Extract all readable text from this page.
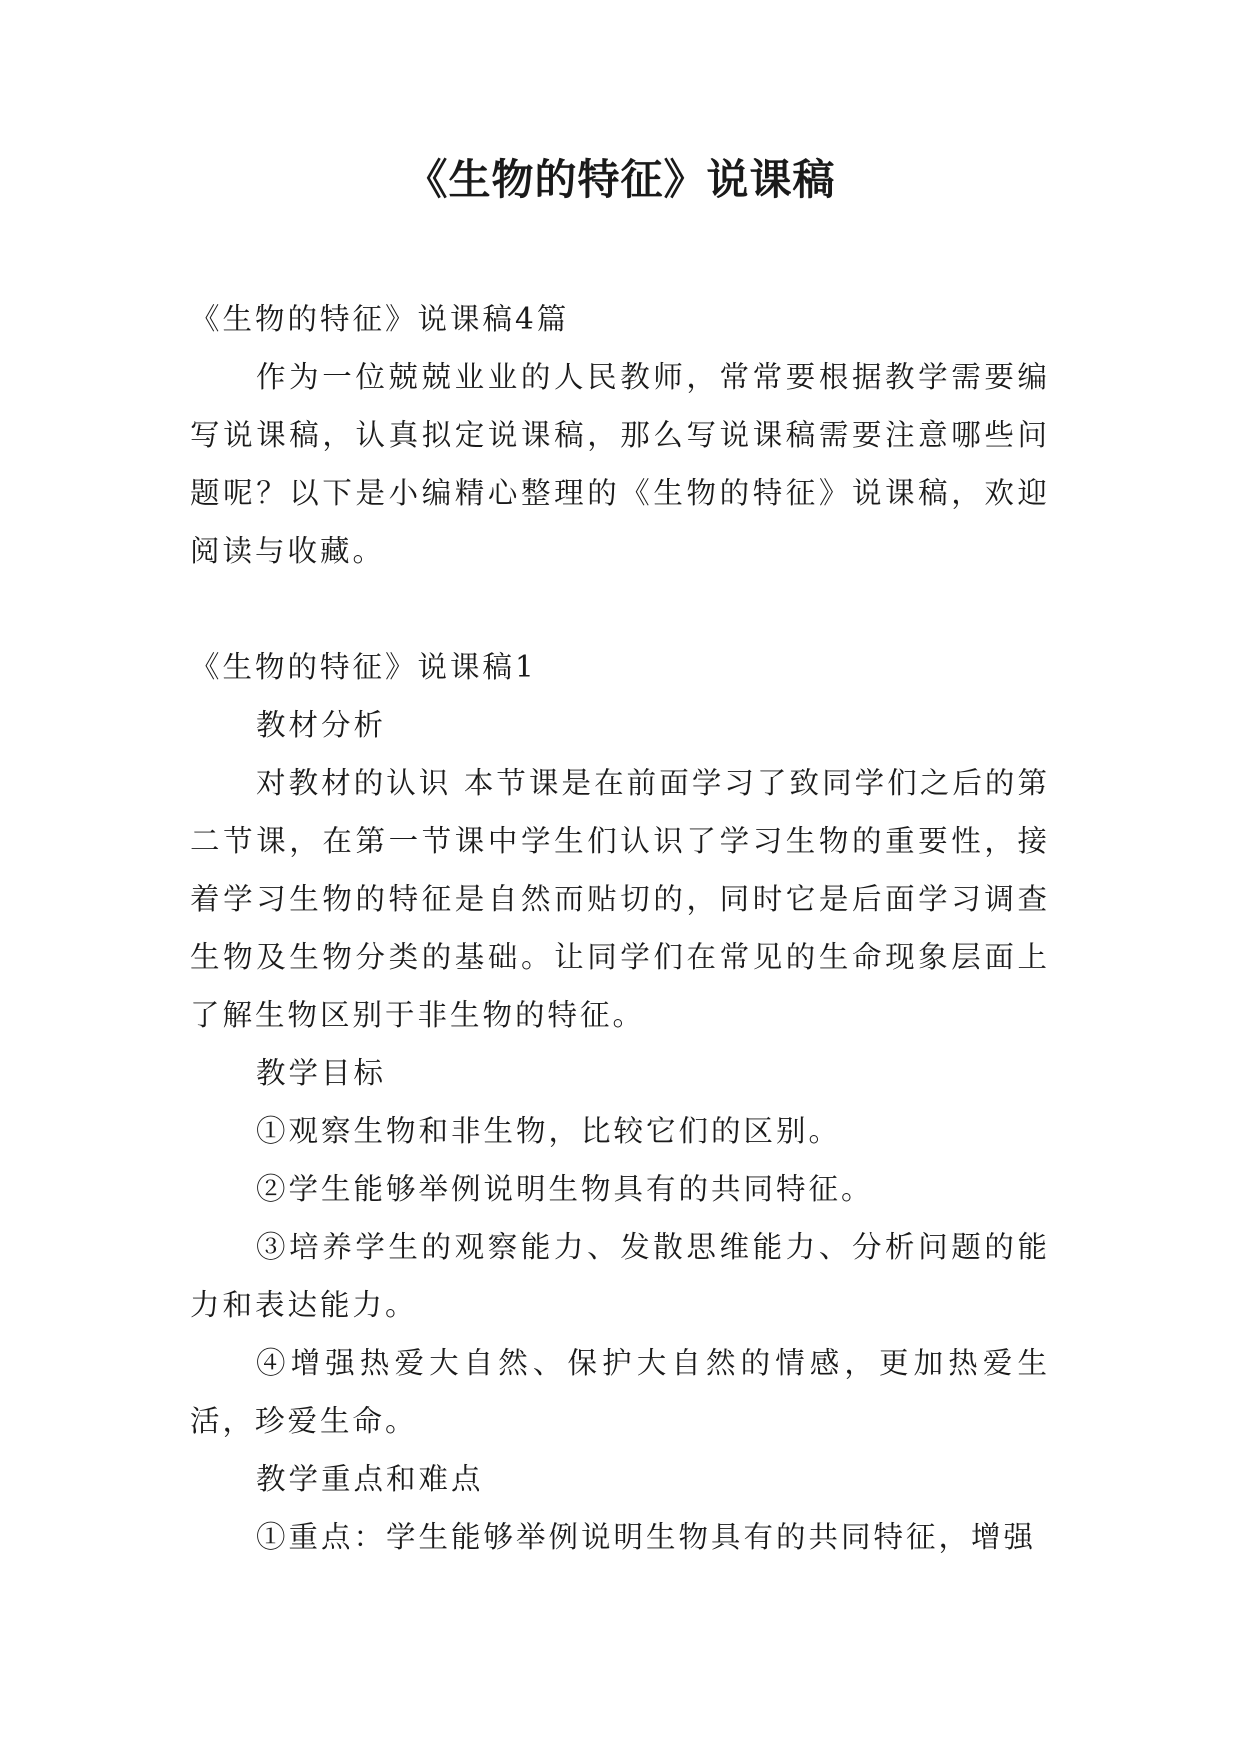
《生物的特征》说课稿

《生物的特征》说课稿4篇

作为一位兢兢业业的人民教师，常常要根据教学需要编写说课稿，认真拟定说课稿，那么写说课稿需要注意哪些问题呢？以下是小编精心整理的《生物的特征》说课稿，欢迎阅读与收藏。

《生物的特征》说课稿1

教材分析

对教材的认识 本节课是在前面学习了致同学们之后的第二节课，在第一节课中学生们认识了学习生物的重要性，接着学习生物的特征是自然而贴切的，同时它是后面学习调查生物及生物分类的基础。让同学们在常见的生命现象层面上了解生物区别于非生物的特征。

教学目标

①观察生物和非生物，比较它们的区别。

②学生能够举例说明生物具有的共同特征。

③培养学生的观察能力、发散思维能力、分析问题的能力和表达能力。

④增强热爱大自然、保护大自然的情感，更加热爱生活，珍爱生命。

教学重点和难点

①重点：学生能够举例说明生物具有的共同特征，增强
